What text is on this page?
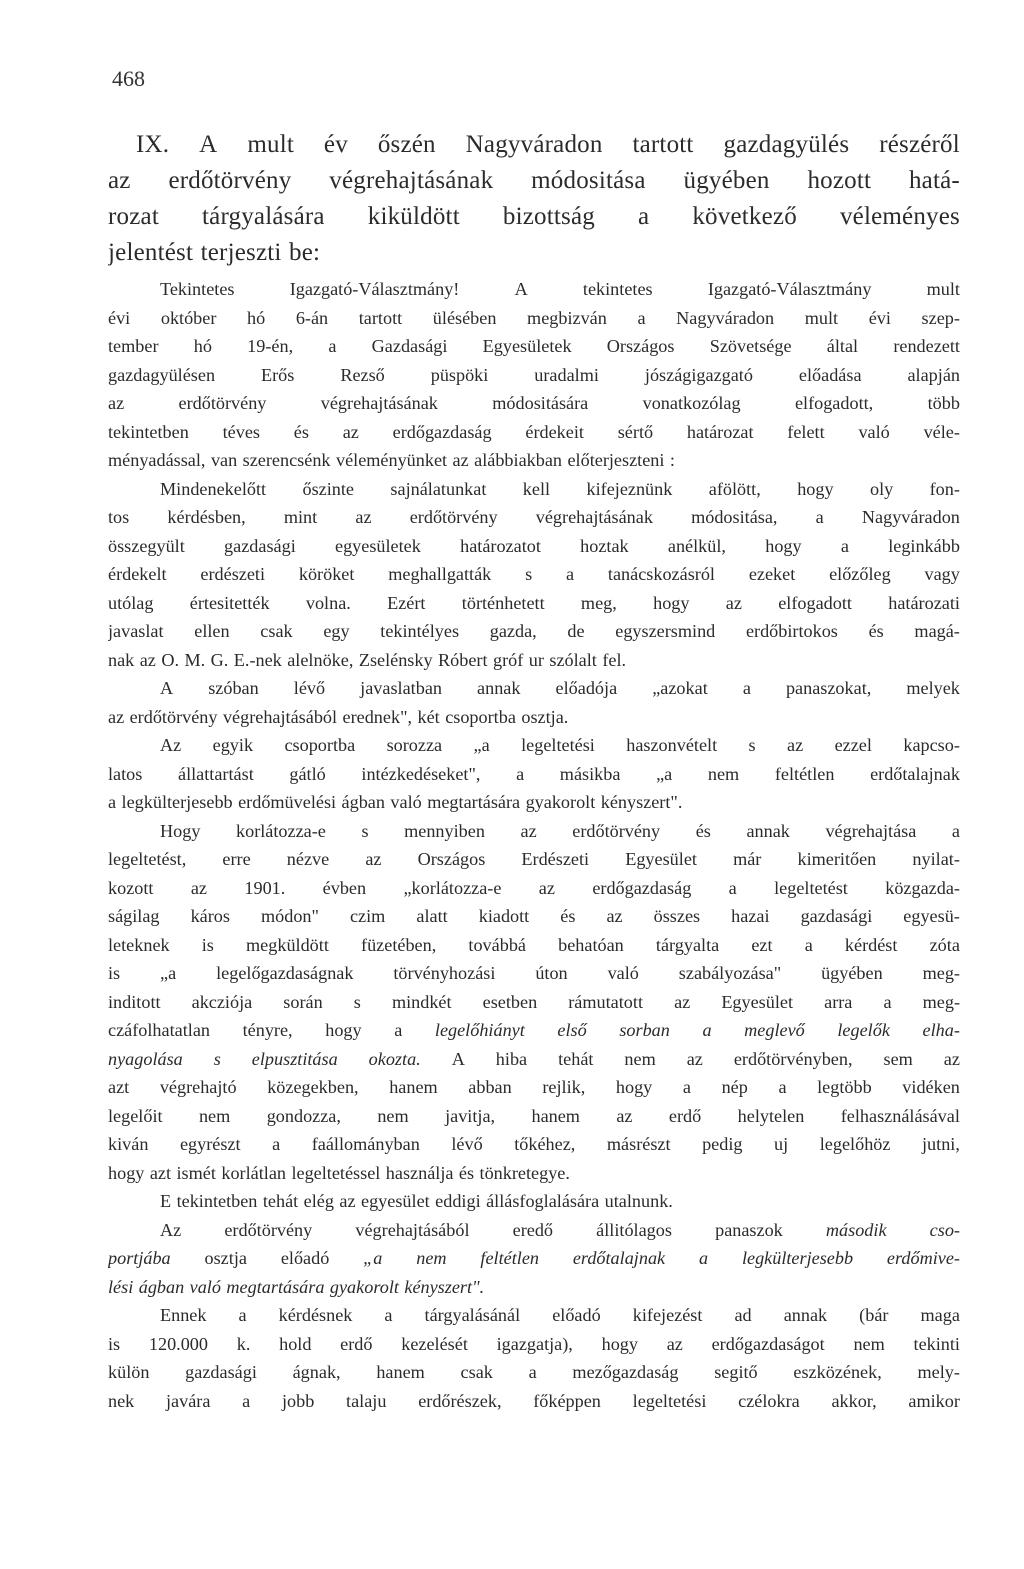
468
IX. A mult év őszén Nagyváradon tartott gazdagyülés részéről
az erdőtörvény végrehajtásának módositása ügyében hozott hatá-
rozat tárgyalására kiküldött bizottság a következő véleményes
jelentést terjeszti be:
Tekintetes	Igazgató-Választmány!	A	tekintetes	Igazgató-Választmány	mult
évi október hó 6-án tartott ülésében megbizván a Nagyváradon mult évi szep-
tember hó 19-én, a Gazdasági Egyesületek Országos Szövetsége által rendezett
gazdagyülésen	Erős	Rezső	püspöki	uradalmi	jószágigazgató	előadása	alapján
az	erdőtörvény	végrehajtásának	módositására	vonatkozólag	elfogadott,	több
tekintetben téves és az erdőgazdaság érdekeit sértő határozat felett való véle-
ményadással, van szerencsénk véleményünket az alábbiakban előterjeszteni :
Mindenekelőtt őszinte sajnálatunkat kell kifejeznünk afölött, hogy oly fon-
tos kérdésben, mint az erdőtörvény végrehajtásának módositása, a Nagyváradon
összegyült gazdasági egyesületek határozatot hoztak anélkül, hogy a leginkább
érdekelt erdészeti köröket meghallgatták s a tanácskozásról ezeket előzőleg vagy
utólag értesitették volna. Ezért történhetett meg, hogy az elfogadott határozati
javaslat ellen csak egy tekintélyes gazda, de egyszersmind erdőbirtokos és magá-
nak az O. M. G. E.-nek alelnöke, Zselénsky Róbert gróf ur szólalt fel.
A szóban lévő javaslatban annak előadója „azokat a panaszokat, melyek
az erdőtörvény végrehajtásából erednek", két csoportba osztja.
Az egyik csoportba sorozza „a legeltetési haszonvételt s az ezzel kapcso-
latos állattartást gátló intézkedéseket", a másikba „a nem feltétlen erdőtalajnak
a legkülterjesebb erdőmüvelési ágban való megtartására gyakorolt kényszert".
Hogy korlátozza-e s mennyiben az erdőtörvény és annak végrehajtása a
legeltetést, erre nézve az Országos Erdészeti Egyesület már kimeritően nyilat-
kozott az 1901. évben „korlátozza-e az erdőgazdaság a legeltetést közgazda-
ságilag káros módon" czim alatt kiadott és az összes hazai gazdasági egyesü-
leteknek is megküldött füzetében, továbbá behatóan tárgyalta ezt a kérdést zóta
is „a legelőgazdaságnak törvényhozási úton való szabályozása" ügyében meg-
inditott akcziója során s mindkét esetben rámutatott az Egyesület arra a meg-
czáfolhatatlan tényre, hogy a legelőhiányt első sorban a meglevő legelők elha-
nyagolása s elpusztitása okozta. A hiba tehát nem az erdőtörvényben, sem az
azt végrehajtó közegekben, hanem abban rejlik, hogy a nép a legtöbb vidéken
legelőit nem gondozza, nem javitja, hanem az erdő helytelen felhasználásával
kiván egyrészt a faállományban lévő tőkéhez, másrészt pedig uj legelőhöz jutni,
hogy azt ismét korlátlan legeltetéssel használja és tönkretegye.
E tekintetben tehát elég az egyesület eddigi állásfoglalására utalnunk.
Az erdőtörvény végrehajtásából eredő állitólagos panaszok második cso-
portjába osztja előadó „a nem feltétlen erdőtalajnak a legkülterjesebb erdőmive-
lési ágban való megtartására gyakorolt kényszert".
Ennek a kérdésnek a tárgyalásánál előadó kifejezést ad annak (bár maga
is 120.000 k. hold erdő kezelését igazgatja), hogy az erdőgazdaságot nem tekinti
külön gazdasági ágnak, hanem csak a mezőgazdaság segitő eszközének, mely-
nek javára a jobb talaju erdőrészek, főképpen legeltetési czélokra akkor, amikor
